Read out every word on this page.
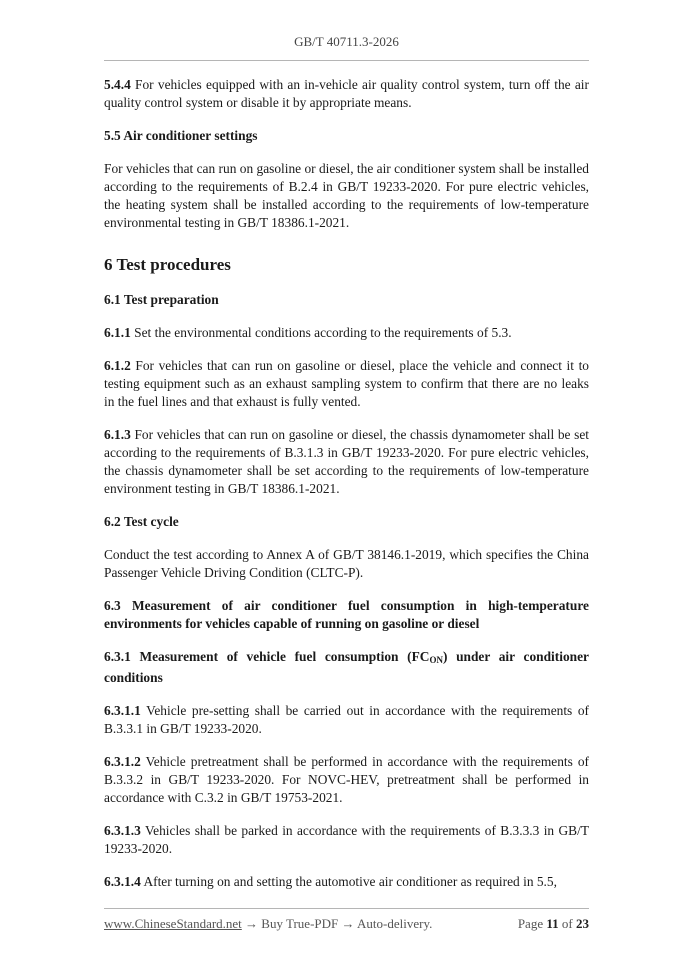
GB/T 40711.3-2026

5.4.4 For vehicles equipped with an in-vehicle air quality control system, turn off the air quality control system or disable it by appropriate means.

5.5 Air conditioner settings

For vehicles that can run on gasoline or diesel, the air conditioner system shall be installed according to the requirements of B.2.4 in GB/T 19233-2020. For pure electric vehicles, the heating system shall be installed according to the requirements of low-temperature environmental testing in GB/T 18386.1-2021.

6 Test procedures

6.1 Test preparation

6.1.1 Set the environmental conditions according to the requirements of 5.3.

6.1.2 For vehicles that can run on gasoline or diesel, place the vehicle and connect it to testing equipment such as an exhaust sampling system to confirm that there are no leaks in the fuel lines and that exhaust is fully vented.

6.1.3 For vehicles that can run on gasoline or diesel, the chassis dynamometer shall be set according to the requirements of B.3.1.3 in GB/T 19233-2020. For pure electric vehicles, the chassis dynamometer shall be set according to the requirements of low-temperature environment testing in GB/T 18386.1-2021.

6.2 Test cycle

Conduct the test according to Annex A of GB/T 38146.1-2019, which specifies the China Passenger Vehicle Driving Condition (CLTC-P).

6.3 Measurement of air conditioner fuel consumption in high-temperature environments for vehicles capable of running on gasoline or diesel

6.3.1 Measurement of vehicle fuel consumption $(FC_{ON})$ under air conditioner conditions

6.3.1.1 Vehicle pre-setting shall be carried out in accordance with the requirements of B.3.3.1 in GB/T 19233-2020.

6.3.1.2 Vehicle pretreatment shall be performed in accordance with the requirements of B.3.3.2 in GB/T 19233-2020. For NOVC-HEV, pretreatment shall be performed in accordance with C.3.2 in GB/T 19753-2021.

6.3.1.3 Vehicles shall be parked in accordance with the requirements of B.3.3.3 in GB/T 19233-2020.

6.3.1.4 After turning on and setting the automotive air conditioner as required in 5.5,

www.ChineseStandard.net → Buy True-PDF → Auto-delivery.	Page 11 of 23
